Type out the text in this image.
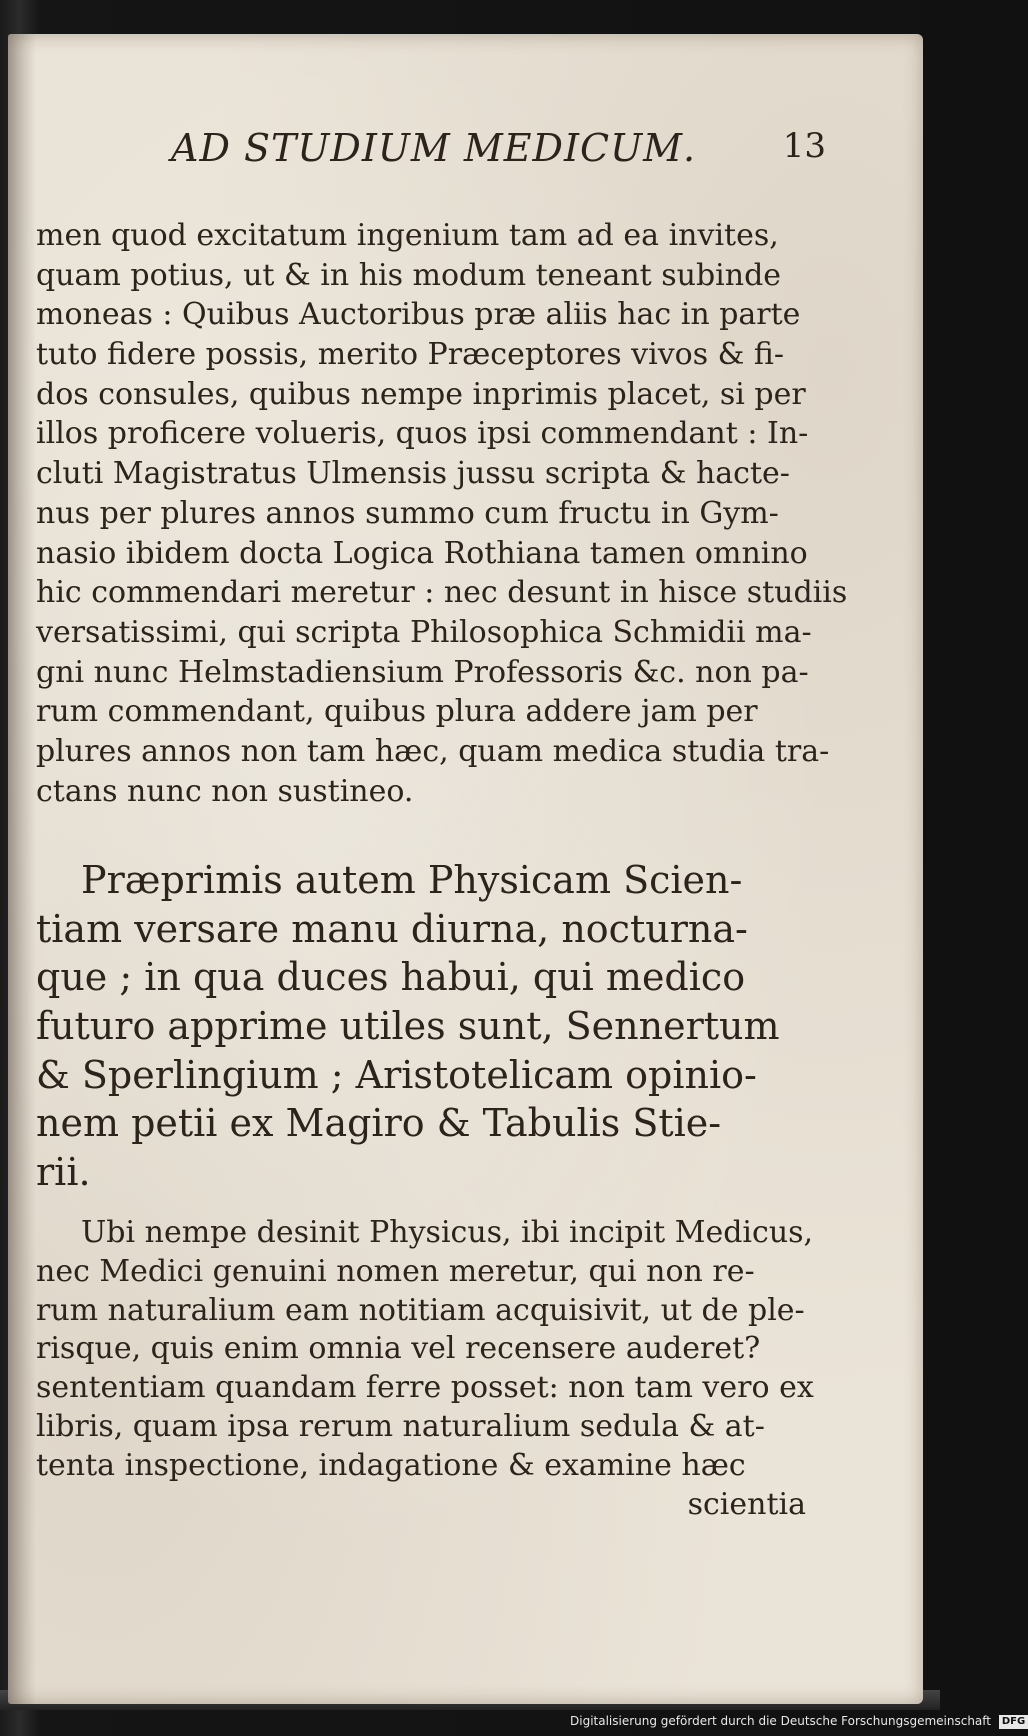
AD STUDIUM MEDICUM.	13
men quod excitatum ingenium tam ad ea invites,
quam potius, ut & in his modum teneant subinde
moneas : Quibus Auctoribus præ aliis hac in parte
tuto fidere possis, merito Præceptores vivos & fi-
dos consules, quibus nempe inprimis placet, si per
illos proficere volueris, quos ipsi commendant : In-
cluti Magistratus Ulmensis jussu scripta & hacte-
nus per plures annos summo cum fructu in Gym-
nasio ibidem docta Logica Rothiana tamen omnino
hic commendari meretur : nec desunt in hisce studiis
versatissimi, qui scripta Philosophica Schmidii ma-
gni nunc Helmstadiensium Professoris &c. non pa-
rum commendant, quibus plura addere jam per
plures annos non tam hæc, quam medica studia tra-
ctans nunc non sustineo.
Præprimis autem Physicam Scien-
tiam versare manu diurna, nocturna-
que ; in qua duces habui, qui medico
futuro apprime utiles sunt, Sennertum
& Sperlingium ; Aristotelicam opinio-
nem petii ex Magiro & Tabulis Stie-
rii.
Ubi nempe desinit Physicus, ibi incipit Medicus,
nec Medici genuini nomen meretur, qui non re-
rum naturalium eam notitiam acquisivit, ut de ple-
risque, quis enim omnia vel recensere auderet?
sententiam quandam ferre posset: non tam vero ex
libris, quam ipsa rerum naturalium sedula & at-
tenta inspectione, indagatione & examine hæc
scientia
Digitalisierung gefördert durch die Deutsche Forschungsgemeinschaft DFG
